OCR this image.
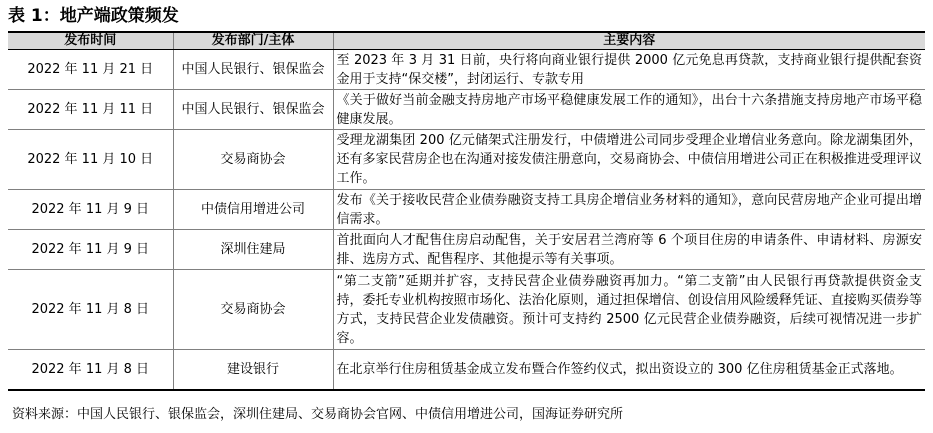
表 1：地产端政策频发
发布时间	发布部门/主体	主要内容
2022 年 11 月 21 日	中国人民银行、银保监会	至 2023 年 3 月 31 日前，央行将向商业银行提供 2000 亿元免息再贷款，支持商业银行提供配套资金用于支持“保交楼”，封闭运行、专款专用
2022 年 11 月 11 日	中国人民银行、银保监会	《关于做好当前金融支持房地产市场平稳健康发展工作的通知》，出台十六条措施支持房地产市场平稳健康发展。
2022 年 11 月 10 日	交易商协会	受理龙湖集团 200 亿元储架式注册发行，中债增进公司同步受理企业增信业务意向。除龙湖集团外，还有多家民营房企也在沟通对接发债注册意向，交易商协会、中债信用增进公司正在积极推进受理评议工作。
2022 年 11 月 9 日	中债信用增进公司	发布《关于接收民营企业债券融资支持工具房企增信业务材料的通知》，意向民营房地产企业可提出增信需求。
2022 年 11 月 9 日	深圳住建局	首批面向人才配售住房启动配售，关于安居君兰湾府等 6 个项目住房的申请条件、申请材料、房源安排、选房方式、配售程序、其他提示等有关事项。
2022 年 11 月 8 日	交易商协会	“第二支箭”延期并扩容，支持民营企业债券融资再加力。“第二支箭”由人民银行再贷款提供资金支持，委托专业机构按照市场化、法治化原则，通过担保增信、创设信用风险缓释凭证、直接购买债券等方式，支持民营企业发债融资。预计可支持约 2500 亿元民营企业债券融资，后续可视情况进一步扩容。
2022 年 11 月 8 日	建设银行	在北京举行住房租赁基金成立发布暨合作签约仪式，拟出资设立的 300 亿住房租赁基金正式落地。
资料来源：中国人民银行、银保监会，深圳住建局、交易商协会官网、中债信用增进公司，国海证券研究所
